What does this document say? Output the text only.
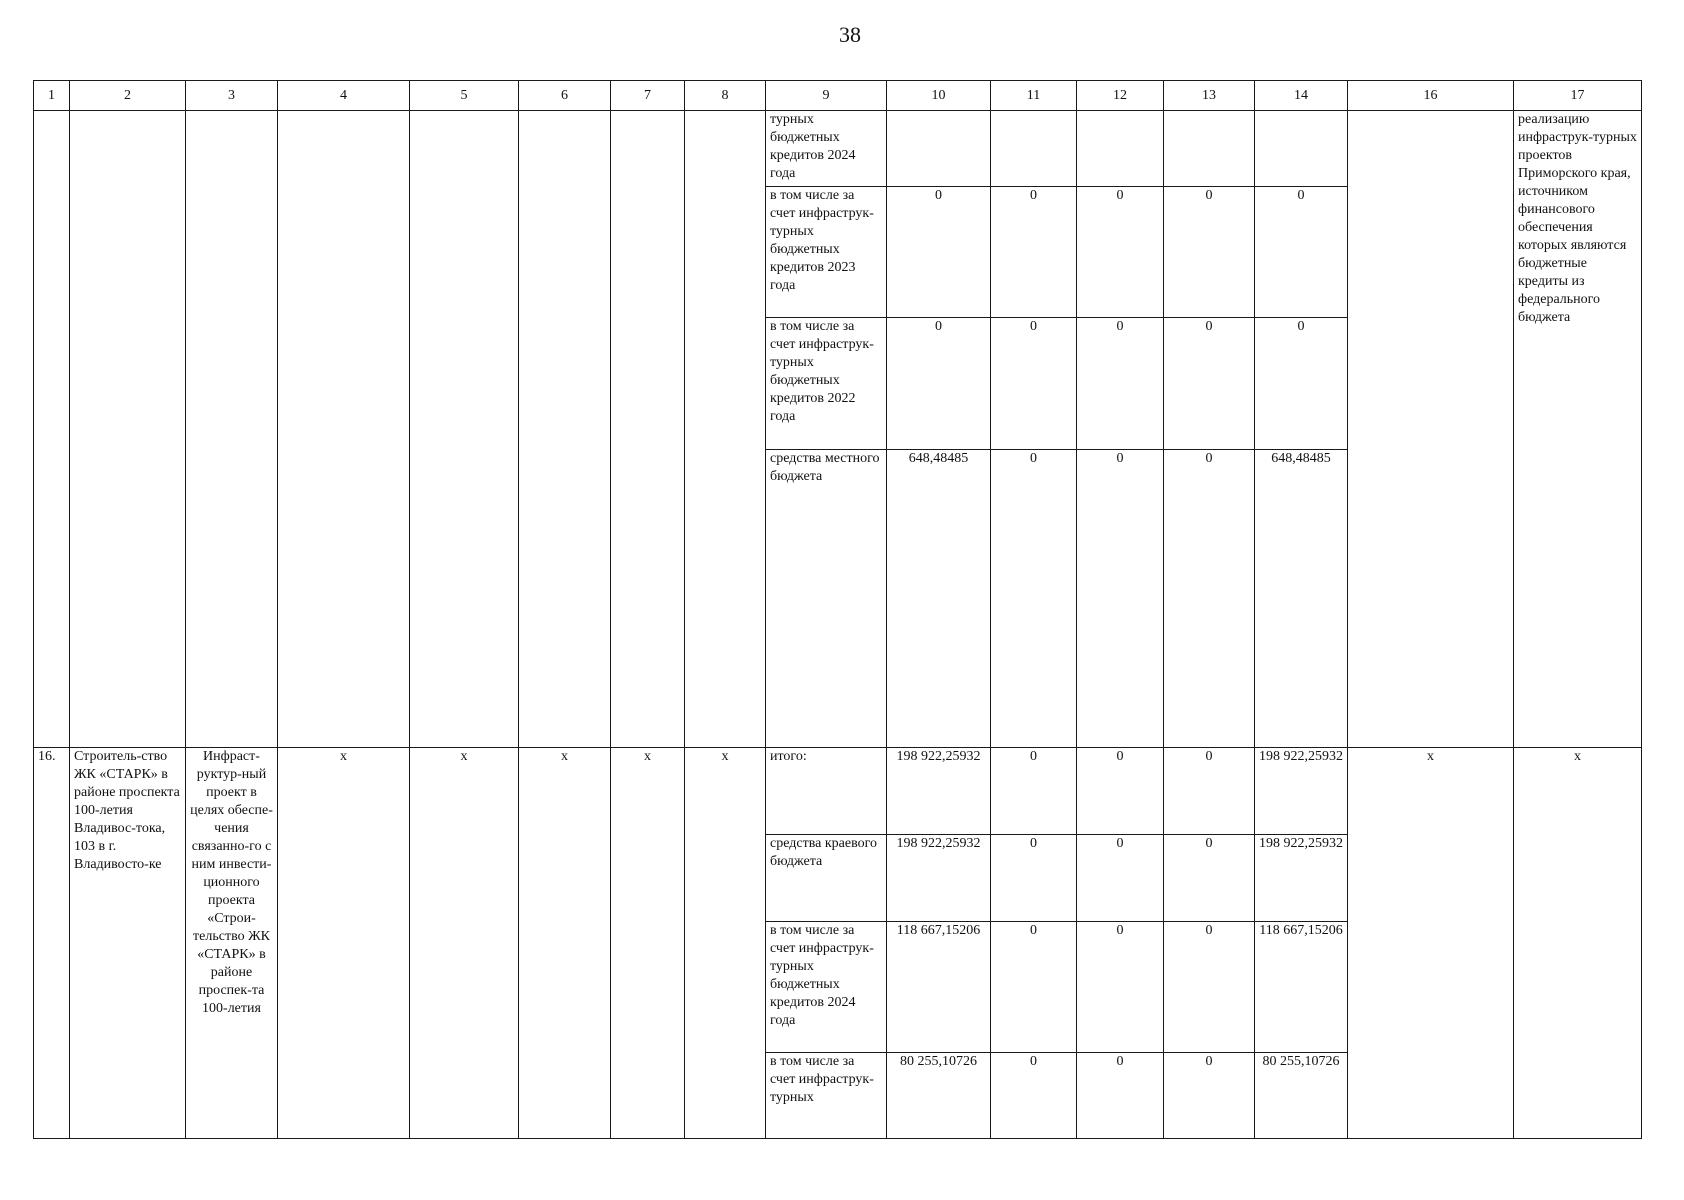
38
1	2	3	4	5	6	7	8	9	10	11	12	13	14	16	17
								турных бюджетных кредитов 2024 года							реализацию инфраструк-турных проектов Приморского края, источником финансового обеспечения которых являются бюджетные кредиты из федерального бюджета
								в том числе за счет инфраструк-турных бюджетных кредитов 2023 года	0	0	0	0	0		
								в том числе за счет инфраструк-турных бюджетных кредитов 2022 года	0	0	0	0	0		
								средства местного бюджета	648,48485	0	0	0	648,48485		
16.	Строитель-ство ЖК «СТАРК» в районе проспекта 100-летия Владивос-тока, 103 в г. Владивосто-ке	Инфраст-руктур-ный проект в целях обеспе-чения связанно-го с ним инвести-ционного проекта «Строи-тельство ЖК «СТАРК» в районе проспек-та 100-летия	x	x	x	x	x	итого:	198 922,25932	0	0	0	198 922,25932	x	x
								средства краевого бюджета	198 922,25932	0	0	0	198 922,25932		
								в том числе за счет инфраструк-турных бюджетных кредитов 2024 года	118 667,15206	0	0	0	118 667,15206		
								в том числе за счет инфраструк-турных	80 255,10726	0	0	0	80 255,10726		
